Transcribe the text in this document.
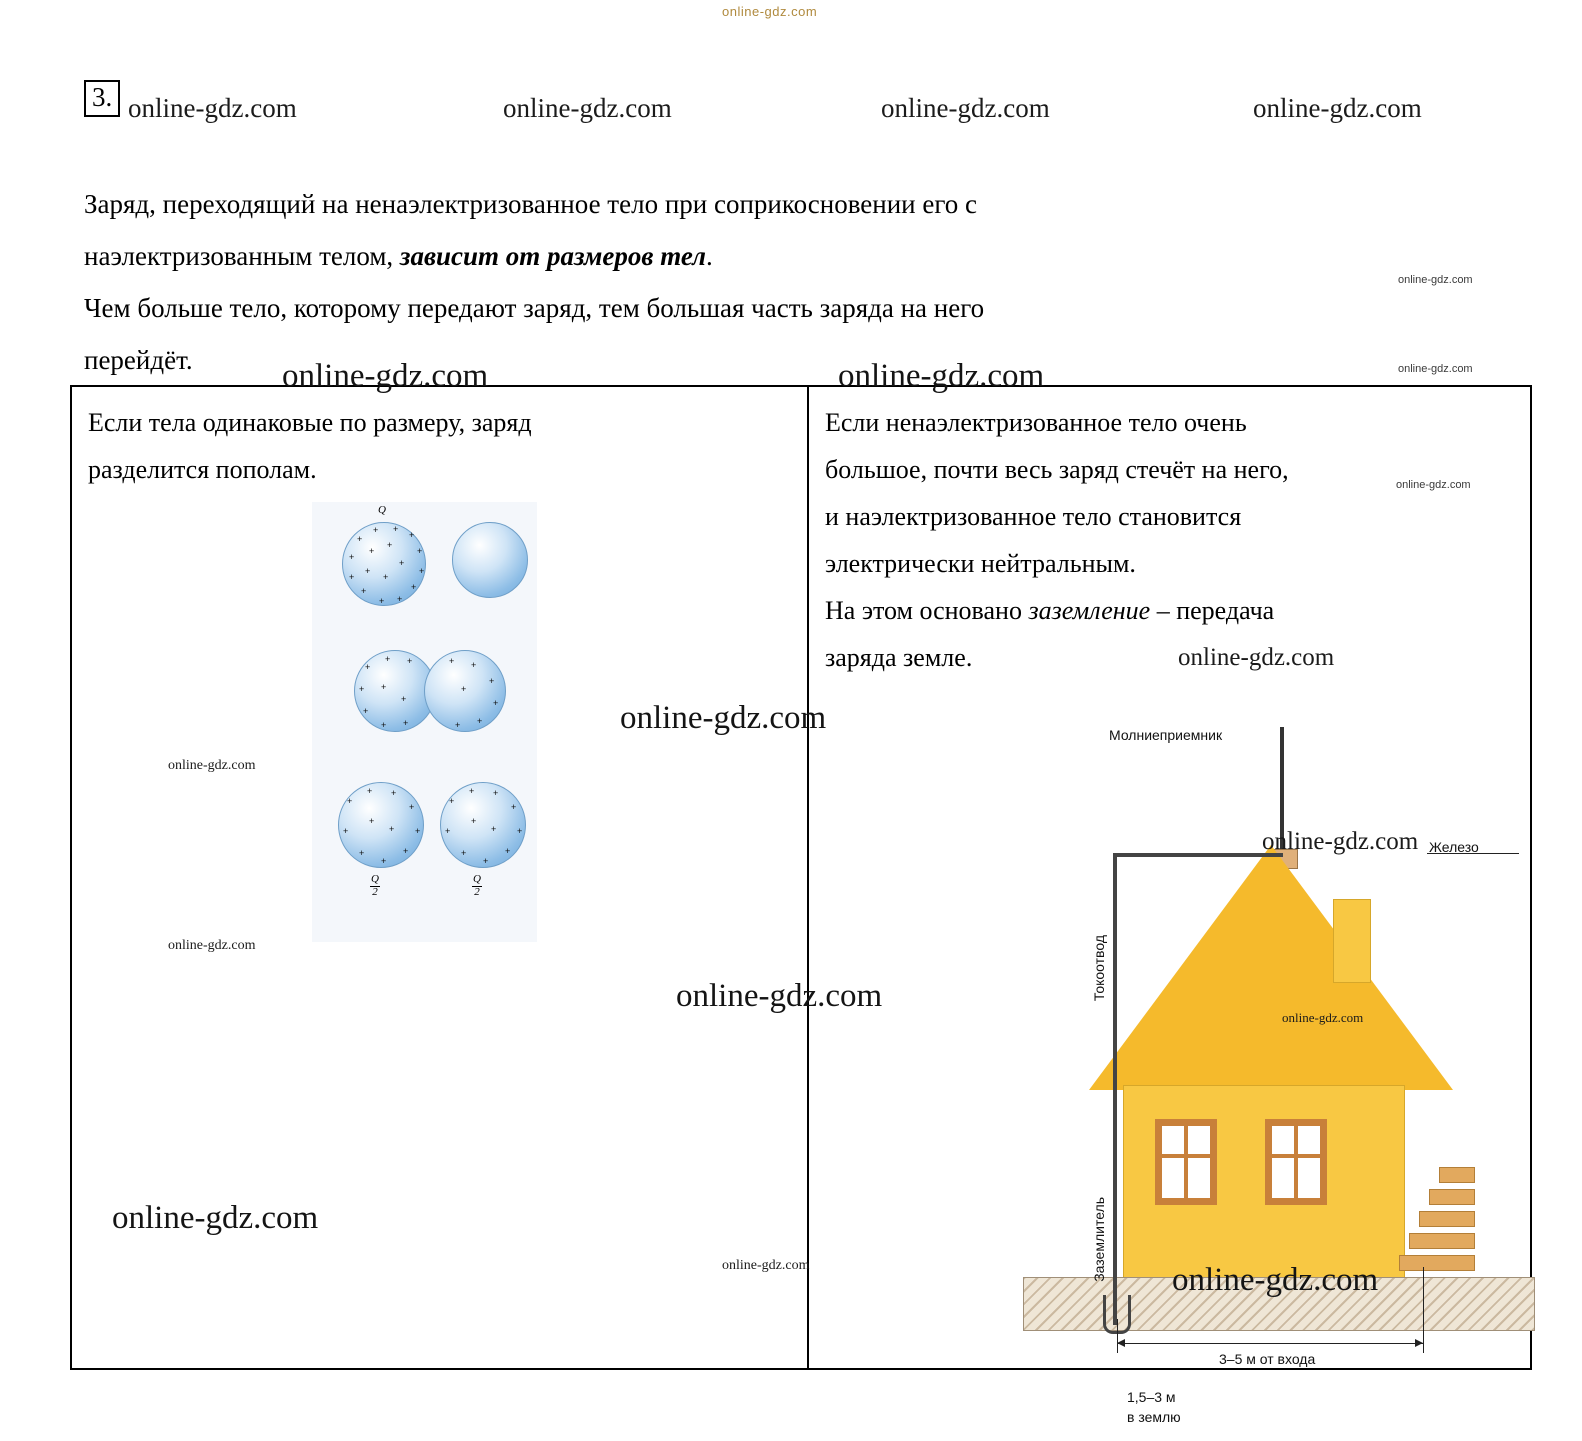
online-gdz.com
3. online-gdz.com	online-gdz.com	online-gdz.com	online-gdz.com
Заряд, переходящий на ненаэлектризованное тело при соприкосновении его с
наэлектризованным телом, зависит от размеров тел.
Чем больше тело, которому передают заряд, тем большая часть заряда на него
перейдёт.
online-gdz.com
online-gdz.com
Если тела одинаковые по размеру, заряд
разделится пополам.
Q
+
+
+ +
+
+
+
+
+
+
+
+
+
+
+
+
+
+
+ +
+
+
+ +
+
+
+ +
+
+
+
+
+
+
+ +
+
+
+
+
+
+
+
+
+
+ +
+
+
+
+
+
+
+
+
Q
2
Q
2
Если ненаэлектризованное тело очень
большое, почти весь заряд стечёт на него,
и наэлектризованное тело становится
электрически нейтральным.
На этом основано заземление – передача
заряда земле.
Молниеприемник
Железо
Токоотвод
Заземлитель
3–5 м от входа
1,5–3 м
в землю
online-gdz.com	online-gdz.com
online-gdz.com
online-gdz.com
online-gdz.com
online-gdz.com
online-gdz.com
online-gdz.com
online-gdz.com
online-gdz.com
online-gdz.com
online-gdz.com
online-gdz.com
